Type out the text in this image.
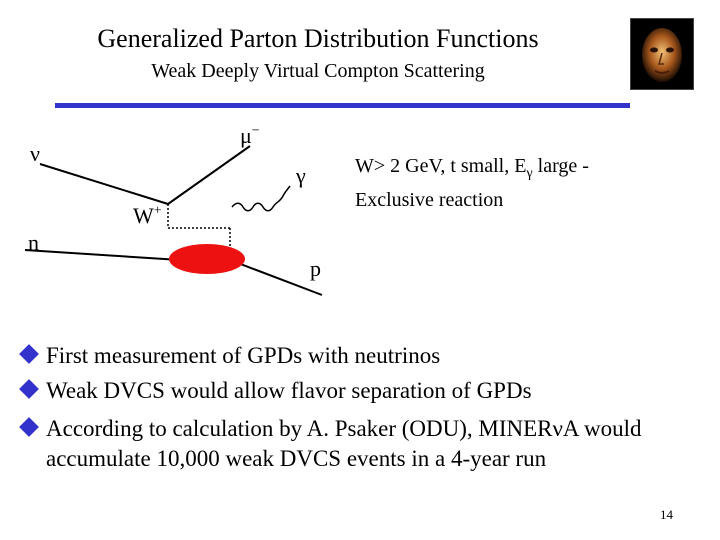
Generalized Parton Distribution Functions
Weak Deeply Virtual Compton Scattering
ν
μ−
γ
W+
n
p
W> 2 GeV, t small, $E_\gamma$ large -
Exclusive reaction
First measurement of GPDs with neutrinos
Weak DVCS would allow flavor separation of GPDs
According to calculation by A. Psaker (ODU), MINERνA would accumulate 10,000 weak DVCS events in a 4-year run
14
